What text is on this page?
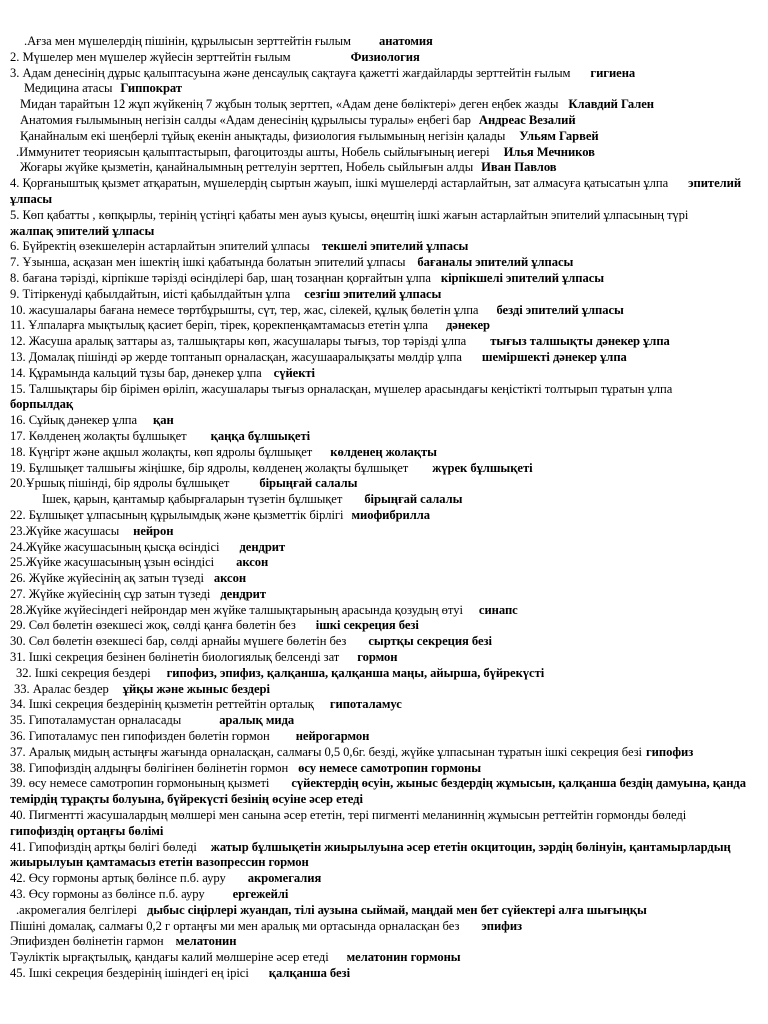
.Ағза мен мүшелердің пішінін, құрылысын зерттейтін ғылым анатомия
2. Мүшелер мен мүшелер жүйесін зерттейтін ғылым	Физиология
3. Адам денесінің дұрыс қалыптасуына және денсаулық сақтауға қажетті жағдайларды зерттейтін ғылым гигиена
Медицина атасы Гиппократ
Мидан тарайтын 12 жұп жүйкенің 7 жұбын толық зерттеп, «Адам дене бөліктері» деген еңбек жазды Клавдий Гален
Анатомия ғылымының негізін салды «Адам денесінің құрылысы туралы» еңбегі бар Андреас Везалий
Қанайналым екі шеңберлі тұйық екенін анықтады, физиология ғылымының негізін қалады Ульям Гарвей
.Иммунитет теориясын қалыптастырып, фагоцитозды ашты, Нобель сыйлығының иегері Илья Мечников
Жоғары жүйке қызметін, қанайналымның реттелуін зерттеп, Нобель сыйлығын алды Иван Павлов
4. Қорғаныштық қызмет атқаратын, мүшелердің сыртын жауып, ішкі мүшелерді астарлайтын, зат алмасуға қатысатын ұлпа эпителий ұлпасы
5. Көп қабатты , көпқырлы, терінің үстіңгі қабаты мен ауыз қуысы, өңештің ішкі жағын астарлайтын эпителий ұлпасының түріжалпақ эпителий ұлпасы
6. Бүйректің өзекшелерін астарлайтын эпителий ұлпасы текшелі эпителий ұлпасы
7. Ұзынша, асқазан мен ішектің ішкі қабатында болатын эпителий ұлпасы бағаналы эпителий ұлпасы
8. бағана тәрізді, кірпікше тәрізді өсінділері бар, шаң тозаңнан қорғайтын ұлпа кірпікшелі эпителий ұлпасы
9. Тітіркенуді қабылдайтын, иісті қабылдайтын ұлпа сезгіш эпителий ұлпасы
10. жасушалары бағана немесе төртбұрышты, сүт, тер, жас, сілекей, құлық бөлетін ұлпа безді эпителий ұлпасы
11. Ұлпаларға мықтылық қасиет беріп, тірек, қорекпенқамтамасыз ететін ұлпа дәнекер
12. Жасуша аралық заттары аз, талшықтары көп, жасушалары тығыз, тор тәрізді ұлпа тығыз талшықты дәнекер ұлпа
13. Домалақ пішінді әр жерде топтанып орналасқан, жасушааралықзаты мөлдір ұлпа шеміршекті дәнекер ұлпа
14. Құрамында кальций тұзы бар, дәнекер ұлпа сүйекті
15. Талшықтары бір бірімен өріліп, жасушалары тығыз орналасқан, мүшелер арасындағы кеңістікті толтырып тұратын ұлпаборпылдақ
16. Сұйық дәнекер ұлпа қан
17. Көлденең жолақты бұлшықет қаңқа бұлшықеті
18. Күңгірт және ақшыл жолақты, көп ядролы бұлшықет көлденең жолақты
19. Бұлшықет талшығы жіңішке, бір ядролы, көлденең жолақты бұлшықет жүрек бұлшықеті
20.Ұршық пішінді, бір ядролы бұлшықет бірыңғай салалы
Ішек, қарын, қантамыр қабырғаларын түзетін бұлшықет бірыңғай салалы
22. Бұлшықет ұлпасының құрылымдық және қызметтік бірлігі миофибрилла
23.Жүйке жасушасы нейрон
24.Жүйке жасушасының қысқа өсіндісі дендрит
25.Жүйке жасушасының ұзын өсіндісі аксон
26. Жүйке жүйесінің ақ затын түзеді аксон
27. Жүйке жүйесінің сұр затын түзеді дендрит
28.Жүйке жүйесіндегі нейрондар мен жүйке талшықтарының арасында қозудың өтуі синапс
29. Сөл бөлетін өзекшесі жоқ, сөлді қанға бөлетін без ішкі секреция безі
30. Сөл бөлетін өзекшесі бар, сөлді арнайы мүшеге бөлетін без сыртқы секреция безі
31. Ішкі секреция безінен бөлінетін биологиялық белсенді зат гормон
32. Ішкі секреция бездері гипофиз, эпифиз, қалқанша, қалқанша маңы, айырша, бүйрекүсті
33. Аралас бездер ұйқы және жыныс бездері
34. Ішкі секреция бездерінің қызметін реттейтін орталық гипоталамус
35. Гипоталамустан орналасады	аралық мида
36. Гипоталамус пен гипофизден бөлетін гормон нейрогармон
37. Аралық мидың астыңғы жағында орналасқан, салмағы 0,5 0,6г. безді, жүйке ұлпасынан тұратын ішкі секреция безі гипофиз
38. Гипофиздің алдыңғы бөлігінен бөлінетін гормон өсу немесе самотропин гормоны
39. өсу немесе самотропин гормонының қызметі сүйектердің өсуін, жыныс бездердің жұмысын, қалқанша бездің дамуына, қанда темірдің тұрақты болуына, бүйрекүсті безінің өсуіне әсер етеді
40. Пигментті жасушалардың мөлшері мен санына әсер ететін, тері пигменті меланиннің жұмысын реттейтін гормонды бөледігипофиздің ортаңғы бөлімі
41. Гипофиздің артқы бөлігі бөледі жатыр бұлшықетін жиырылуына әсер ететін окцитоцин, зәрдің бөлінуін, қантамырлардың жиырылуын қамтамасыз ететін вазопрессин гормон
42. Өсу гормоны артық бөлінсе п.б. ауру акромегалия
43. Өсу гормоны аз бөлінсе п.б. ауру ергежейлі
.акромегалия белгілері дыбыс сіңірлері жуандап, тілі аузына сыймай, маңдай мен бет сүйектері алға шығыңқы
Пішіні домалақ, салмағы 0,2 г ортаңғы ми мен аралық ми ортасында орналасқан без эпифиз
Эпифизден бөлінетін гармон мелатонин
Тәуліктік ырғақтылық, қандағы калий мөлшеріне әсер етеді мелатонин гормоны
45. Ішкі секреция бездерінің ішіндегі ең ірісі қалқанша безі
